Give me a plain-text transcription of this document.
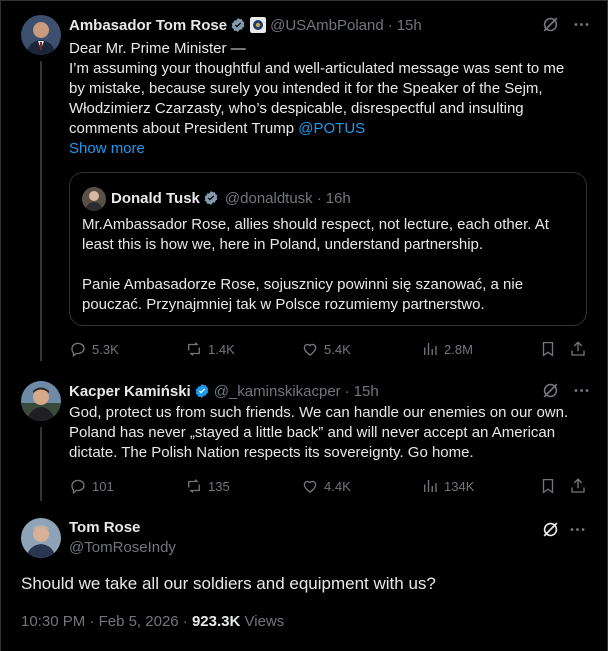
Ambasador Tom Rose	@USAmbPoland · 15h
Dear Mr. Prime Minister —
I’m assuming your thoughtful and well-articulated message was sent to me
by mistake, because surely you intended it for the Speaker of the Sejm,
Włodzimierz Czarzasty, who’s despicable, disrespectful and insulting
comments about President Trump @POTUS
Show more
Donald Tusk @donaldtusk · 16h
Mr.Ambassador Rose, allies should respect, not lecture, each other. At
least this is how we, here in Poland, understand partnership.
Panie Ambasadorze Rose, sojusznicy powinni się szanować, a nie
pouczać. Przynajmniej tak w Polsce rozumiemy partnerstwo.
5.3K	1.4K	5.4K	2.8M
Kacper Kamiński @_kaminskikacper · 15h
God, protect us from such friends. We can handle our enemies on our own.
Poland has never „stayed a little back” and will never accept an American
dictate. The Polish Nation respects its sovereignty. Go home.
101	135	4.4K	134K
Tom Rose
@TomRoseIndy
Should we take all our soldiers and equipment with us?
10:30 PM · Feb 5, 2026 · 923.3K Views
